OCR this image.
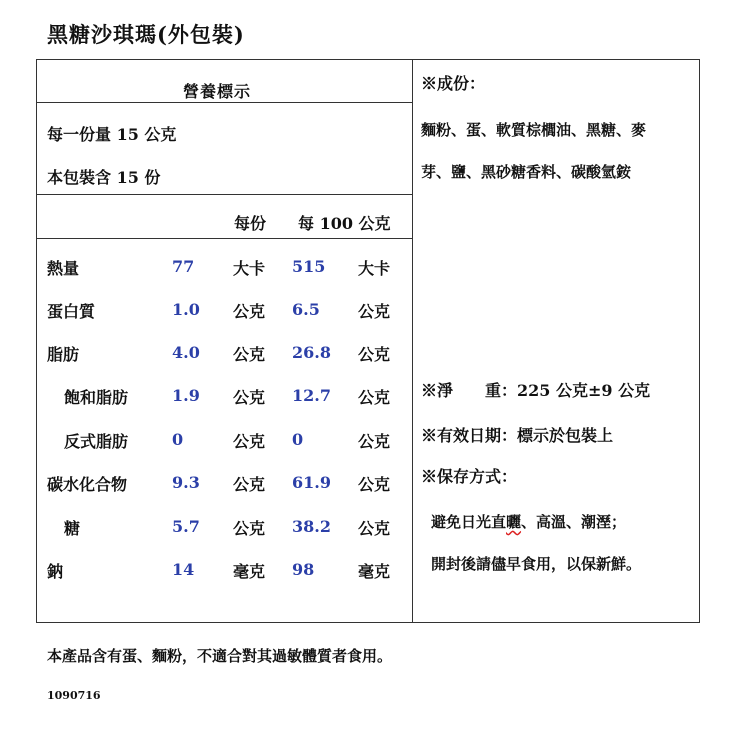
黑糖沙琪瑪(外包裝)
營養標示
每一份量 15 公克
本包裝含 15 份
每份 每 100 公克
熱量	77 大卡 515 大卡
蛋白質	1.0 公克 6.5 公克
脂肪	4.0 公克 26.8 公克
飽和脂肪	1.9 公克 12.7 公克
反式脂肪	0	公克 0	公克
碳水化合物	9.3 公克 61.9 公克
糖	5.7 公克 38.2 公克
鈉	14 毫克 98	毫克
※成份：
麵粉、蛋、軟質棕櫚油、黑糖、麥
芽、鹽、黑砂糖香料、碳酸氫銨
※淨　　重：225 公克±9 公克
※有效日期：標示於包裝上
※保存方式：
避免日光直曬、高溫、潮溼；
開封後請儘早食用，以保新鮮。
本產品含有蛋、麵粉，不適合對其過敏體質者食用。
1090716
